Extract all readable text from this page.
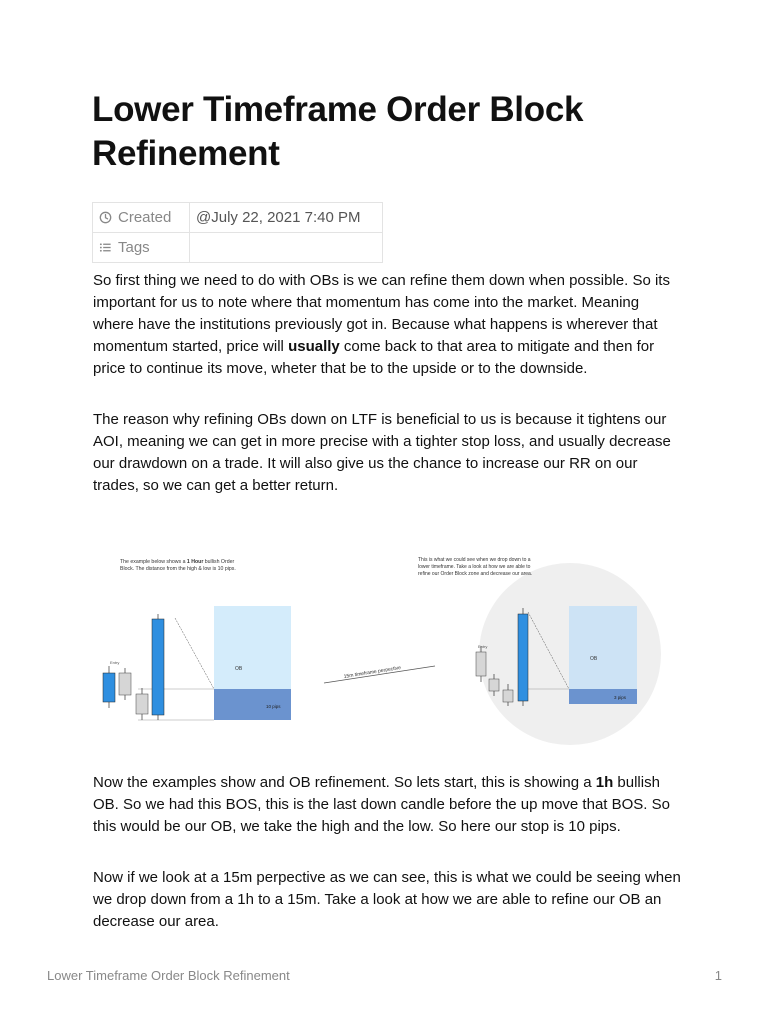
Lower Timeframe Order Block Refinement
Created	@July 22, 2021 7:40 PM
Tags	

So first thing we need to do with OBs is we can refine them down when possible. So its important for us to note where that momentum has come into the market. Meaning where have the institutions previously got in. Because what happens is wherever that momentum started, price will usually come back to that area to mitigate and then for price to continue its move, wheter that be to the upside or to the downside.

The reason why refining OBs down on LTF is beneficial to us is because it tightens our AOI, meaning we can get in more precise with a tighter stop loss, and usually decrease our drawdown on a trade. It will also give us the chance to increase our RR on our trades, so we can get a better return.

The example below shows a 1 Hour bullish Order
Block. The distance from the high & low is 10 pips.
OB
10 pips
Entry
15m timeframe perpective
This is what we could see when we drop down to a
lower timeframe. Take a look at how we are able to
refine our Order Block zone and decrease our area.
OB
3 pips
Entry

Now the examples show and OB refinement. So lets start, this is showing a 1h bullish OB. So we had this BOS, this is the last down candle before the up move that BOS. So this would be our OB, we take the high and the low. So here our stop is 10 pips.

Now if we look at a 15m perpective as we can see, this is what we could be seeing when we drop down from a 1h to a 15m. Take a look at how we are able to refine our OB an decrease our area.

Lower Timeframe Order Block Refinement	1
